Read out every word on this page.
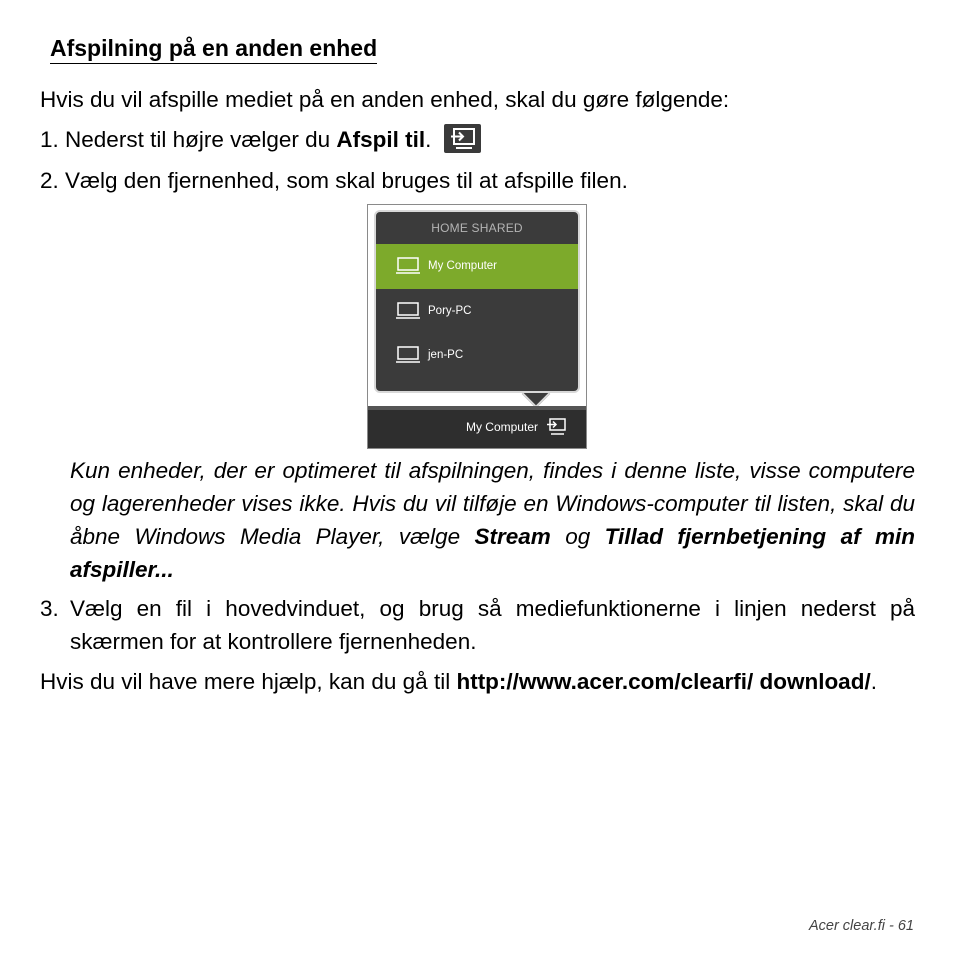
Afspilning på en anden enhed
Hvis du vil afspille mediet på en anden enhed, skal du gøre følgende:
1. Nederst til højre vælger du Afspil til.
2. Vælg den fjernenhed, som skal bruges til at afspille filen.
HOME SHARED
My Computer
Pory-PC
jen-PC
My Computer
Kun enheder, der er optimeret til afspilningen, findes i denne liste, visse computere og lagerenheder vises ikke. Hvis du vil tilføje en Windows-computer til listen, skal du åbne Windows Media Player, vælge Stream og Tillad fjernbetjening af min afspiller...
3. Vælg en fil i hovedvinduet, og brug så mediefunktionerne i linjen nederst på skærmen for at kontrollere fjernenheden.
Hvis du vil have mere hjælp, kan du gå til http://www.acer.com/clearfi/ download/.
Acer clear.fi - 61
